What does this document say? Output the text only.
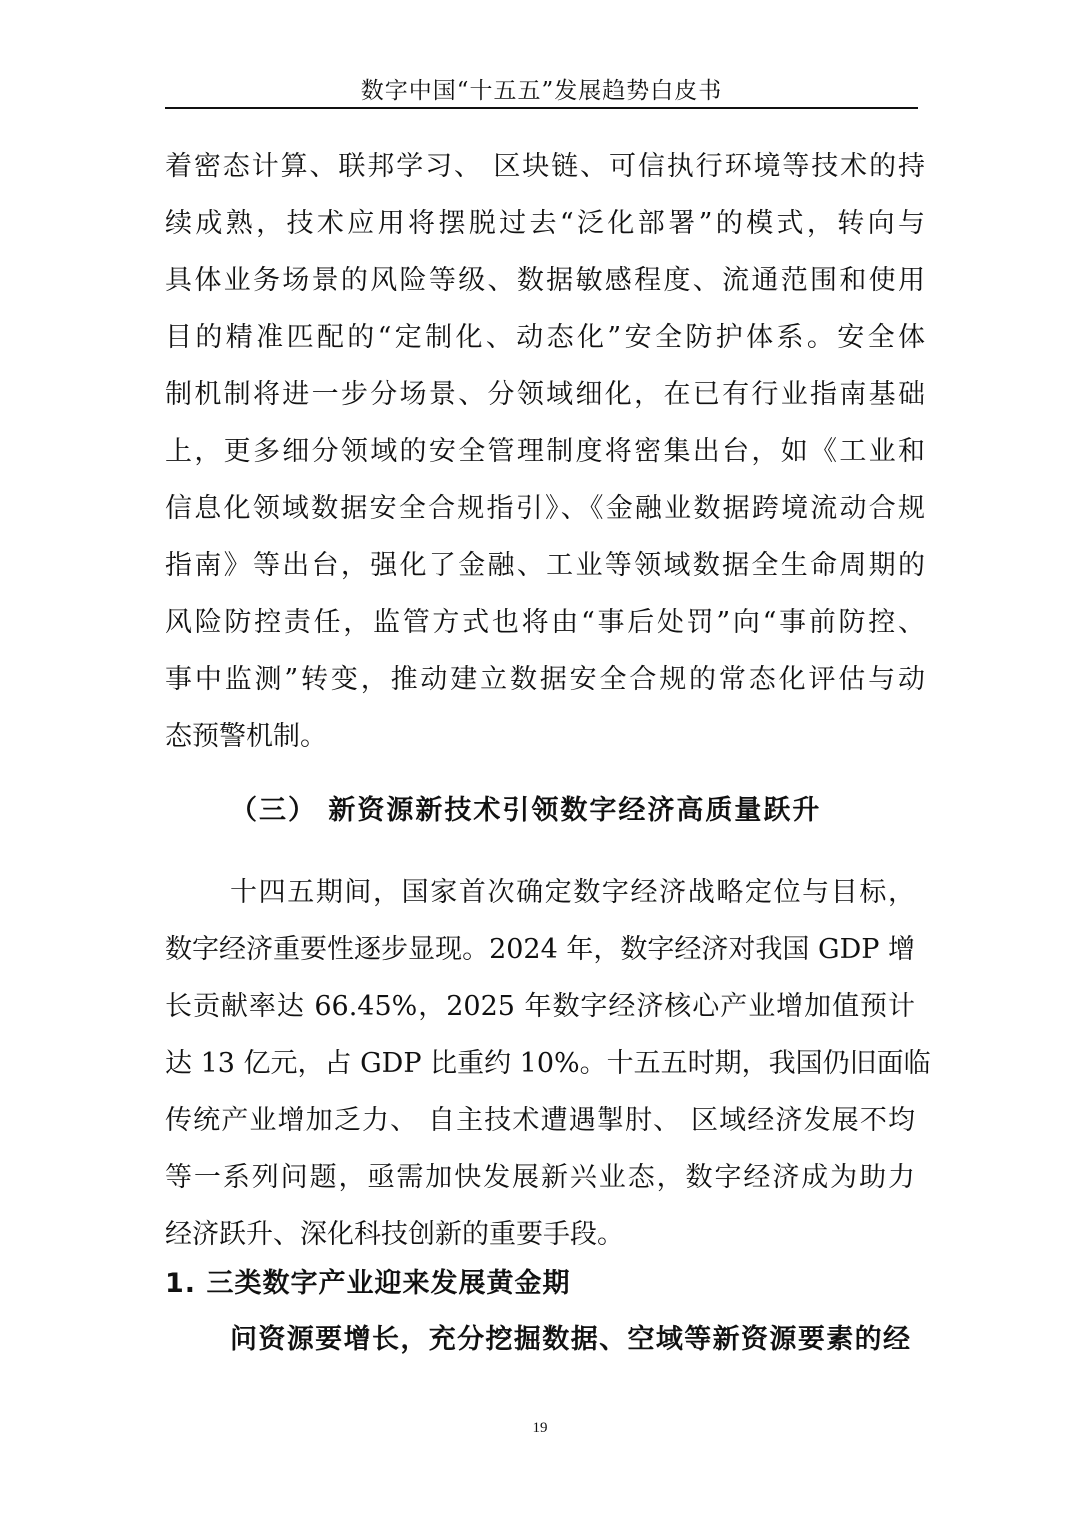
数字中国“十五五”发展趋势白皮书
着密态计算、联邦学习、 区块链、可信执行环境等技术的持
续成熟，技术应用将摆脱过去“泛化部署”的模式，转向与
具体业务场景的风险等级、数据敏感程度、流通范围和使用
目的精准匹配的“定制化、动态化”安全防护体系。安全体
制机制将进一步分场景、分领域细化，在已有行业指南基础
上，更多细分领域的安全管理制度将密集出台，如《工业和
信息化领域数据安全合规指引》、《金融业数据跨境流动合规
指南》等出台，强化了金融、工业等领域数据全生命周期的
风险防控责任，监管方式也将由“事后处罚”向“事前防控、
事中监测”转变，推动建立数据安全合规的常态化评估与动
态预警机制。
（三） 新资源新技术引领数字经济高质量跃升
十四五期间，国家首次确定数字经济战略定位与目标，
数字经济重要性逐步显现。2024 年，数字经济对我国 GDP 增
长贡献率达 66.45%，2025 年数字经济核心产业增加值预计
达 13 亿元，占 GDP 比重约 10%。十五五时期，我国仍旧面临
传统产业增加乏力、 自主技术遭遇掣肘、 区域经济发展不均
等一系列问题，亟需加快发展新兴业态，数字经济成为助力
经济跃升、深化科技创新的重要手段。
1. 三类数字产业迎来发展黄金期
问资源要增长，充分挖掘数据、空域等新资源要素的经
19
